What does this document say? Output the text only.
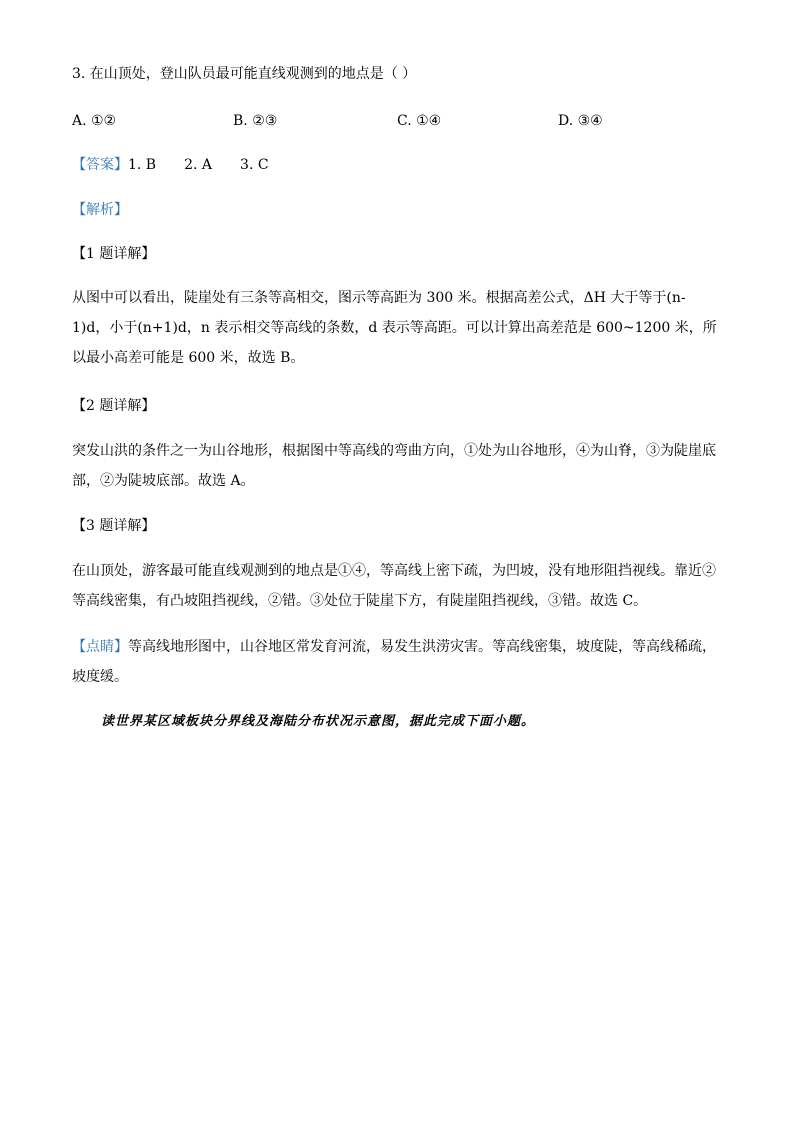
3. 在山顶处，登山队员最可能直线观测到的地点是（ ）
A. ①②	B. ②③	C. ①④	D. ③④
【答案】1. B 2. A 3. C
【解析】
【1 题详解】
从图中可以看出，陡崖处有三条等高相交，图示等高距为 300 米。根据高差公式，ΔH 大于等于(n-1)d，小于(n+1)d，n 表示相交等高线的条数，d 表示等高距。可以计算出高差范是 600~1200 米，所以最小高差可能是 600 米，故选 B。
【2 题详解】
突发山洪的条件之一为山谷地形，根据图中等高线的弯曲方向，①处为山谷地形，④为山脊，③为陡崖底部，②为陡坡底部。故选 A。
【3 题详解】
在山顶处，游客最可能直线观测到的地点是①④，等高线上密下疏，为凹坡，没有地形阻挡视线。靠近②等高线密集，有凸坡阻挡视线，②错。③处位于陡崖下方，有陡崖阻挡视线，③错。故选 C。
【点睛】等高线地形图中，山谷地区常发育河流，易发生洪涝灾害。等高线密集，坡度陡，等高线稀疏，坡度缓。
读世界某区域板块分界线及海陆分布状况示意图，据此完成下面小题。
